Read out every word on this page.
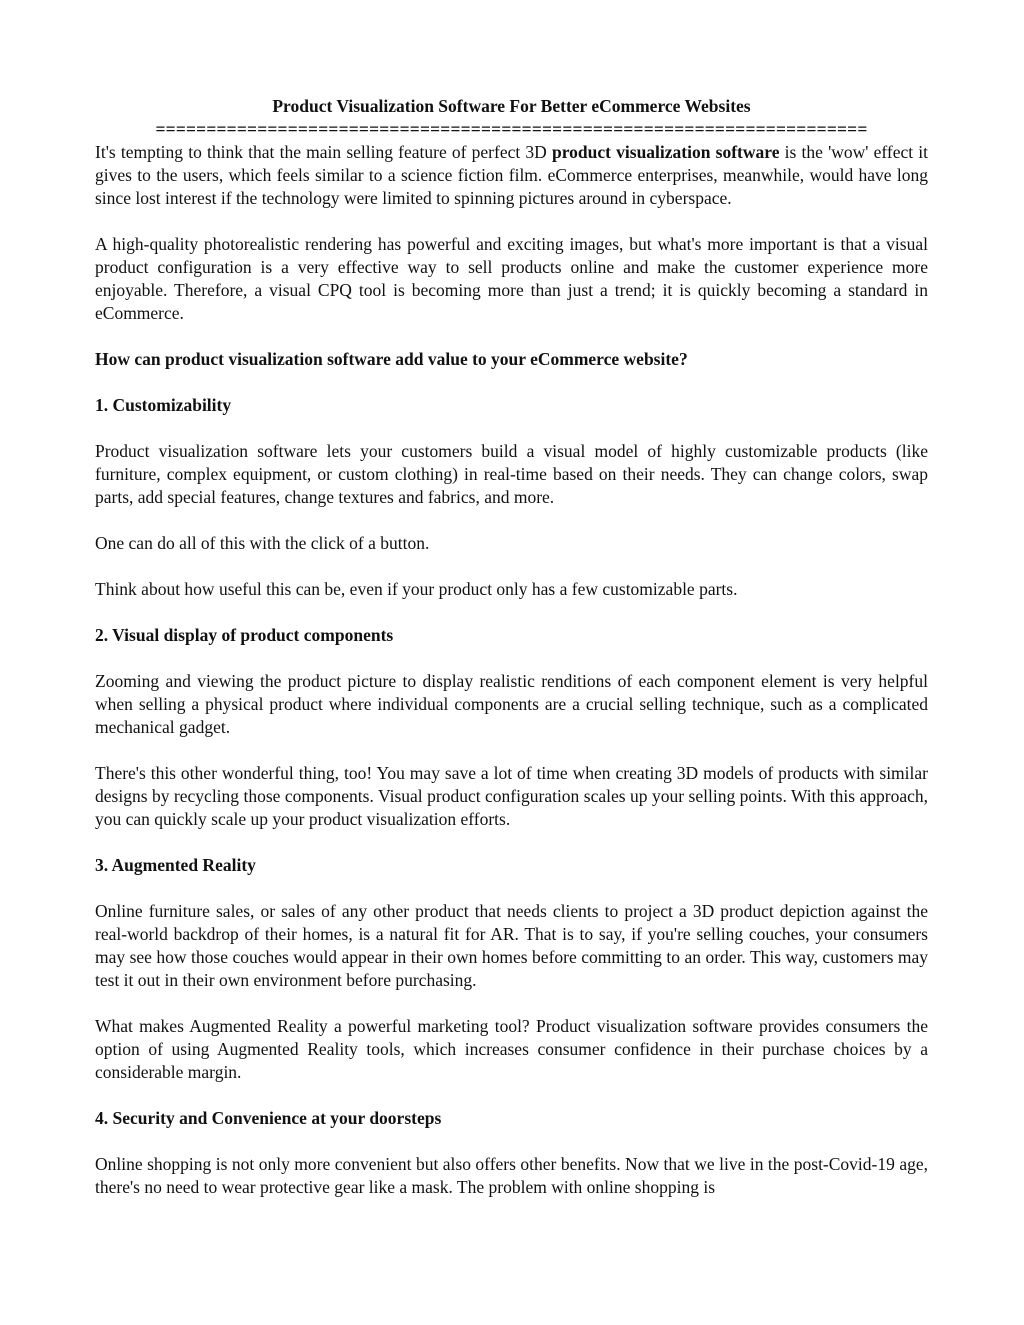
Product Visualization Software For Better eCommerce Websites
======================================================================

It's tempting to think that the main selling feature of perfect 3D product visualization software is the 'wow' effect it gives to the users, which feels similar to a science fiction film. eCommerce enterprises, meanwhile, would have long since lost interest if the technology were limited to spinning pictures around in cyberspace.

A high-quality photorealistic rendering has powerful and exciting images, but what's more important is that a visual product configuration is a very effective way to sell products online and make the customer experience more enjoyable. Therefore, a visual CPQ tool is becoming more than just a trend; it is quickly becoming a standard in eCommerce.

How can product visualization software add value to your eCommerce website?

1. Customizability

Product visualization software lets your customers build a visual model of highly customizable products (like furniture, complex equipment, or custom clothing) in real-time based on their needs. They can change colors, swap parts, add special features, change textures and fabrics, and more.

One can do all of this with the click of a button.

Think about how useful this can be, even if your product only has a few customizable parts.

2. Visual display of product components

Zooming and viewing the product picture to display realistic renditions of each component element is very helpful when selling a physical product where individual components are a crucial selling technique, such as a complicated mechanical gadget.

There's this other wonderful thing, too! You may save a lot of time when creating 3D models of products with similar designs by recycling those components. Visual product configuration scales up your selling points. With this approach, you can quickly scale up your product visualization efforts.

3. Augmented Reality

Online furniture sales, or sales of any other product that needs clients to project a 3D product depiction against the real-world backdrop of their homes, is a natural fit for AR. That is to say, if you're selling couches, your consumers may see how those couches would appear in their own homes before committing to an order. This way, customers may test it out in their own environment before purchasing.

What makes Augmented Reality a powerful marketing tool? Product visualization software provides consumers the option of using Augmented Reality tools, which increases consumer confidence in their purchase choices by a considerable margin.

4. Security and Convenience at your doorsteps

Online shopping is not only more convenient but also offers other benefits. Now that we live in the post-Covid-19 age, there's no need to wear protective gear like a mask. The problem with online shopping is
